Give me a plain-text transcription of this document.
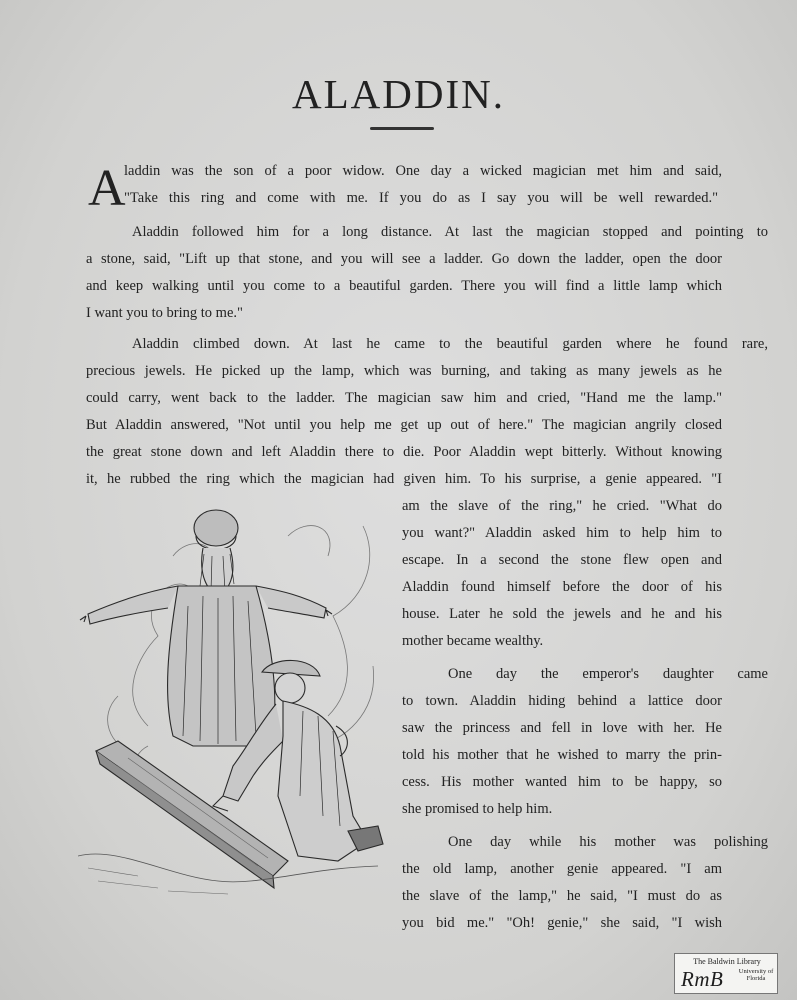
ALADDIN.
A
laddin was the son of a poor widow. One day a wicked magician met him and said,
"Take this ring and come with me. If you do as I say you will be well rewarded."
Aladdin followed him for a long distance. At last the magician stopped and pointing to
a stone, said, "Lift up that stone, and you will see a ladder. Go down the ladder, open the door
and keep walking until you come to a beautiful garden. There you will find a little lamp which
I want you to bring to me."
Aladdin climbed down. At last he came to the beautiful garden where he found rare,
precious jewels. He picked up the lamp, which was burning, and taking as many jewels as he
could carry, went back to the ladder. The magician saw him and cried, "Hand me the lamp."
But Aladdin answered, "Not until you help me get up out of here." The magician angrily closed
the great stone down and left Aladdin there to die. Poor Aladdin wept bitterly. Without knowing
it, he rubbed the ring which the magician had given him. To his surprise, a genie appeared. "I
am the slave of the ring," he cried. "What do
you want?" Aladdin asked him to help him to
escape. In a second the stone flew open and
Aladdin found himself before the door of his
house. Later he sold the jewels and he and his
mother became wealthy.
One day the emperor's daughter came
to town. Aladdin hiding behind a lattice door
saw the princess and fell in love with her. He
told his mother that he wished to marry the prin-
cess. His mother wanted him to be happy, so
she promised to help him.
One day while his mother was polishing
the old lamp, another genie appeared. "I am
the slave of the lamp," he said, "I must do as
you bid me." "Oh! genie," she said, "I wish
The Baldwin Library
RmB University of Florida
